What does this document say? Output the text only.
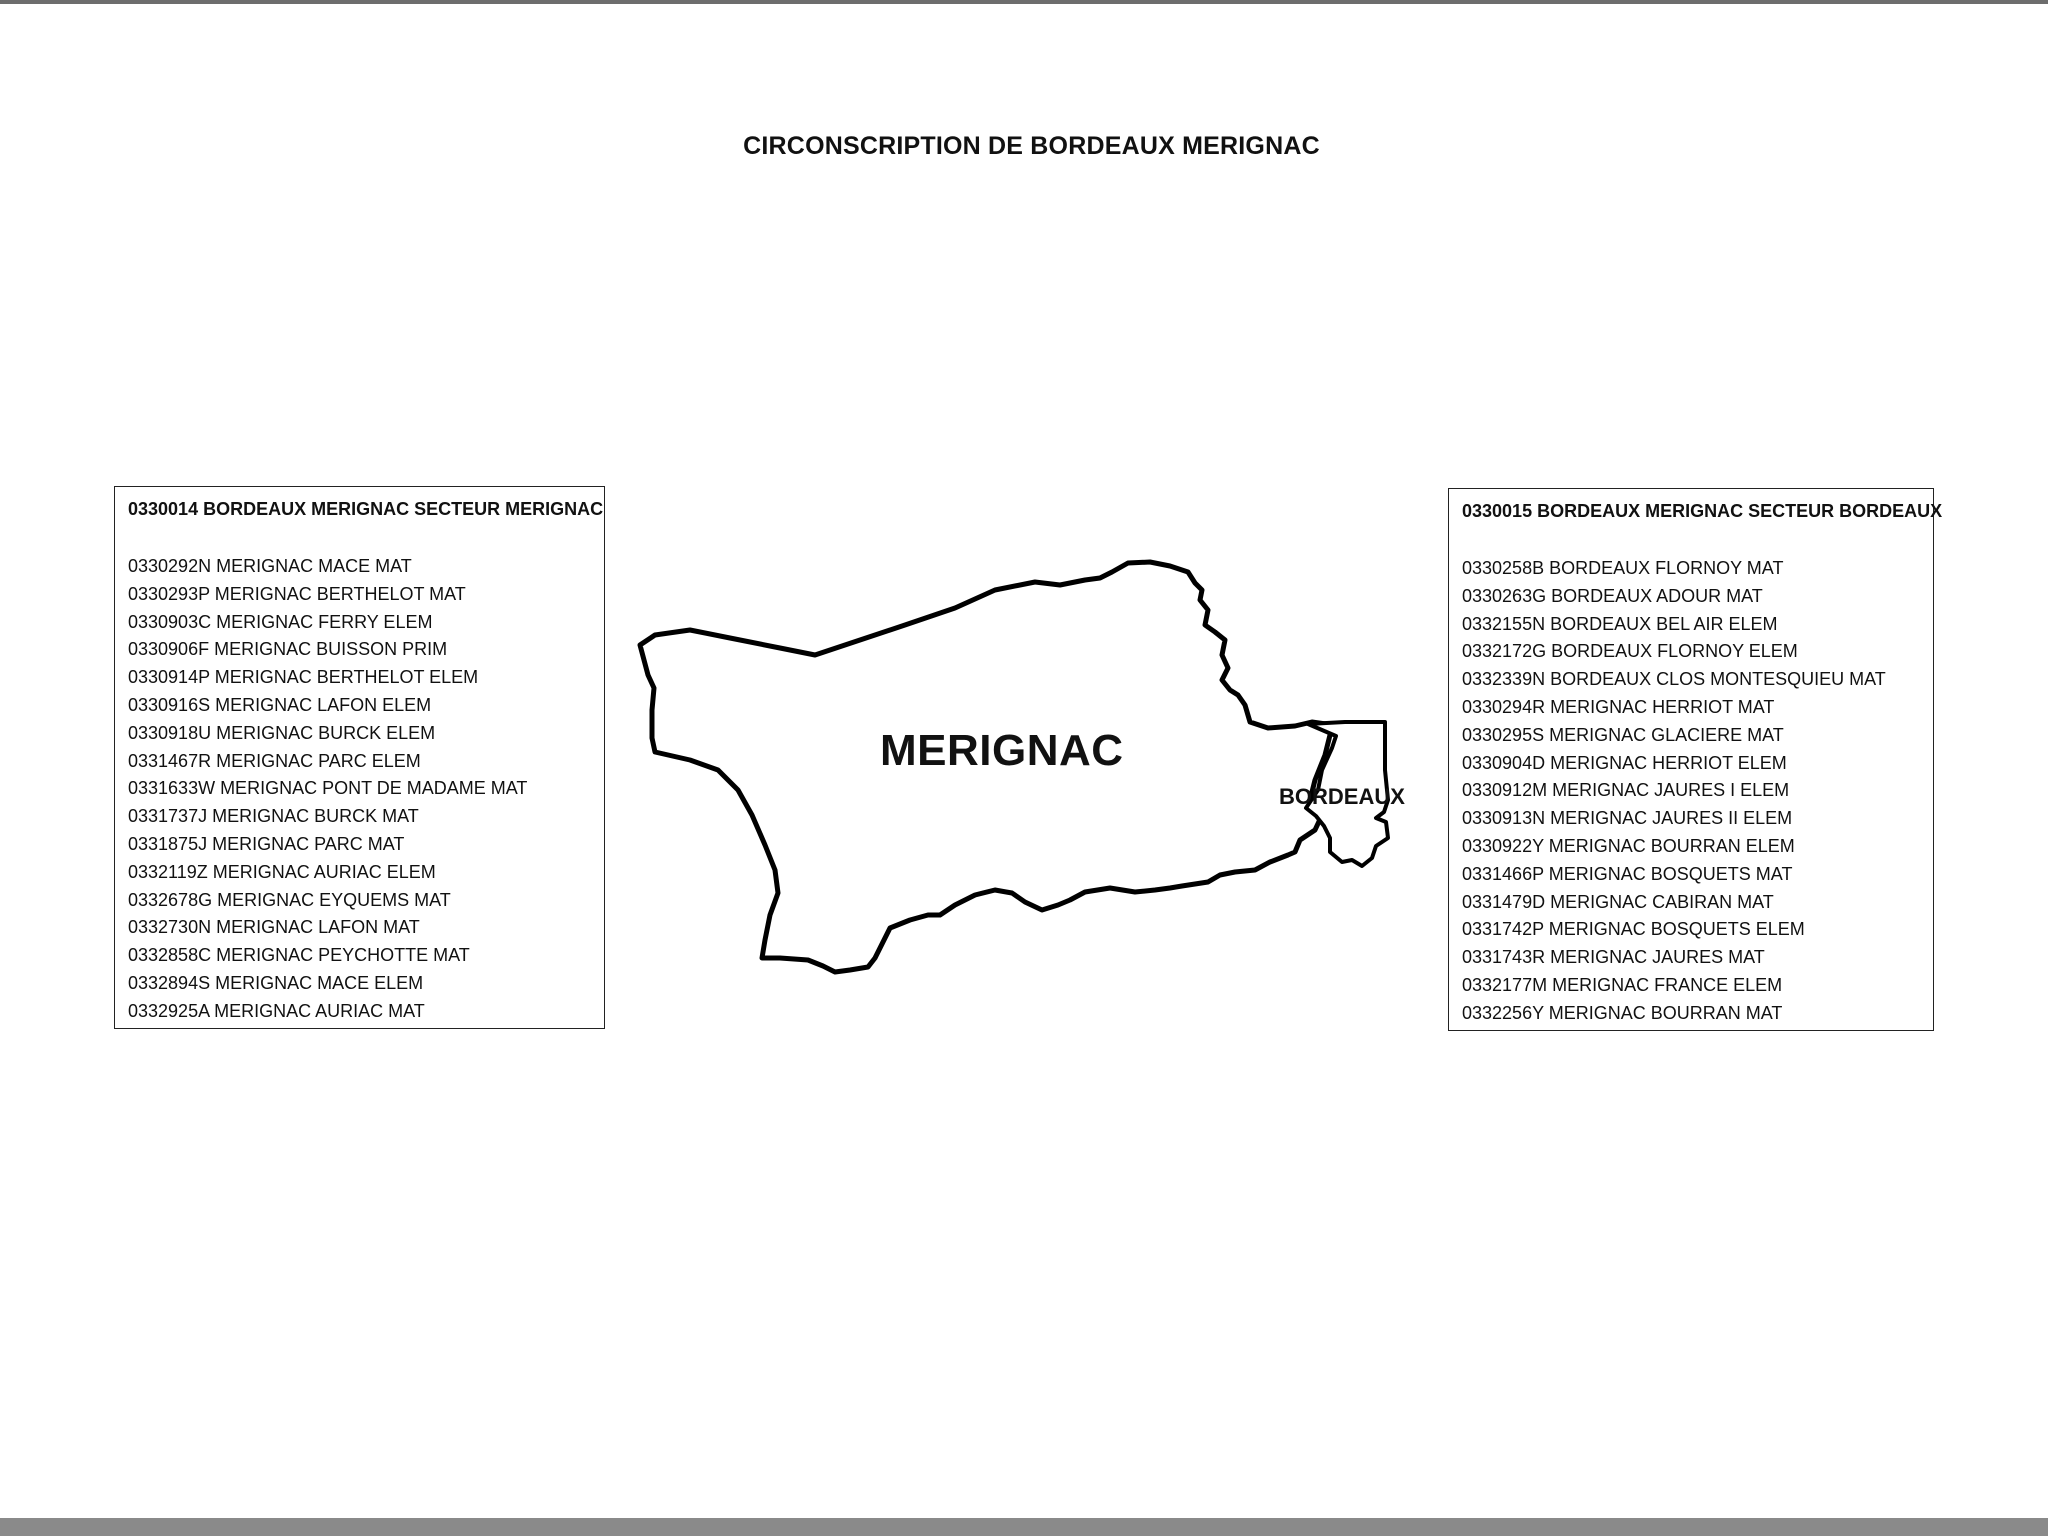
CIRCONSCRIPTION DE BORDEAUX MERIGNAC
0330014 BORDEAUX MERIGNAC SECTEUR MERIGNAC
0330292N MERIGNAC MACE MAT
0330293P MERIGNAC BERTHELOT MAT
0330903C MERIGNAC FERRY ELEM
0330906F MERIGNAC BUISSON PRIM
0330914P MERIGNAC BERTHELOT ELEM
0330916S MERIGNAC LAFON ELEM
0330918U MERIGNAC BURCK ELEM
0331467R MERIGNAC PARC ELEM
0331633W MERIGNAC PONT DE MADAME MAT
0331737J MERIGNAC BURCK MAT
0331875J MERIGNAC PARC MAT
0332119Z MERIGNAC AURIAC ELEM
0332678G MERIGNAC EYQUEMS MAT
0332730N MERIGNAC LAFON MAT
0332858C MERIGNAC PEYCHOTTE MAT
0332894S MERIGNAC MACE ELEM
0332925A MERIGNAC AURIAC MAT
0330015 BORDEAUX MERIGNAC SECTEUR BORDEAUX
0330258B BORDEAUX FLORNOY MAT
0330263G BORDEAUX ADOUR MAT
0332155N BORDEAUX BEL AIR ELEM
0332172G BORDEAUX FLORNOY ELEM
0332339N BORDEAUX CLOS MONTESQUIEU MAT
0330294R MERIGNAC HERRIOT MAT
0330295S MERIGNAC GLACIERE MAT
0330904D MERIGNAC HERRIOT ELEM
0330912M MERIGNAC JAURES I ELEM
0330913N MERIGNAC JAURES II ELEM
0330922Y MERIGNAC BOURRAN ELEM
0331466P MERIGNAC BOSQUETS MAT
0331479D MERIGNAC CABIRAN MAT
0331742P MERIGNAC BOSQUETS ELEM
0331743R MERIGNAC JAURES MAT
0332177M MERIGNAC FRANCE ELEM
0332256Y MERIGNAC BOURRAN MAT
MERIGNAC
BORDEAUX
